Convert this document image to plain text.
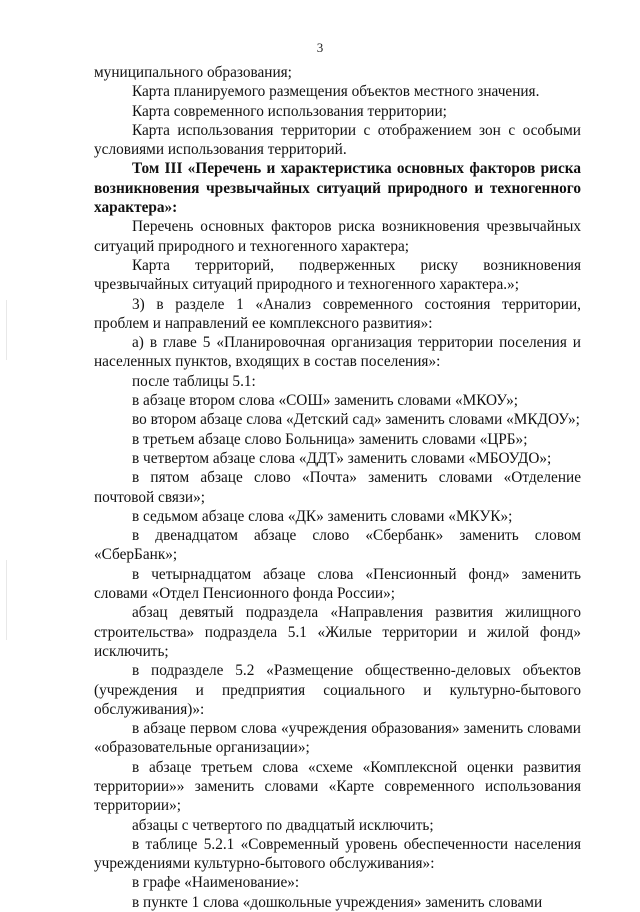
3

муниципального образования;

Карта планируемого размещения объектов местного значения.

Карта современного использования территории;

Карта использования территории с отображением зон с особыми условиями использования территорий.

Том III «Перечень и характеристика основных факторов риска возникновения чрезвычайных ситуаций природного и техногенного характера»:

Перечень основных факторов риска возникновения чрезвычайных ситуаций природного и техногенного характера;

Карта территорий, подверженных риску возникновения чрезвычайных ситуаций природного и техногенного характера.»;

3) в разделе 1 «Анализ современного состояния территории, проблем и направлений ее комплексного развития»:

а) в главе 5 «Планировочная организация территории поселения и населенных пунктов, входящих в состав поселения»:

после таблицы 5.1:

в абзаце втором слова «СОШ» заменить словами «МКОУ»;

во втором абзаце слова «Детский сад» заменить словами «МКДОУ»;

в третьем абзаце слово Больница» заменить словами «ЦРБ»;

в четвертом абзаце слова «ДДТ» заменить словами «МБОУДО»;

в пятом абзаце слово «Почта» заменить словами «Отделение почтовой связи»;

в седьмом абзаце слова «ДК» заменить словами «МКУК»;

в двенадцатом абзаце слово «Сбербанк» заменить словом «СберБанк»;

в четырнадцатом абзаце слова «Пенсионный фонд» заменить словами «Отдел Пенсионного фонда России»;

абзац девятый подраздела «Направления развития жилищного строительства» подраздела 5.1 «Жилые территории и жилой фонд» исключить;

в подразделе 5.2 «Размещение общественно-деловых объектов (учреждения и предприятия социального и культурно-бытового обслуживания)»:

в абзаце первом слова «учреждения образования» заменить словами «образовательные организации»;

в абзаце третьем слова «схеме «Комплексной оценки развития территории»» заменить словами «Карте современного использования территории»;

абзацы с четвертого по двадцатый исключить;

в таблице 5.2.1 «Современный уровень обеспеченности населения учреждениями культурно-бытового обслуживания»:

в графе «Наименование»:

в пункте 1 слова «дошкольные учреждения» заменить словами
